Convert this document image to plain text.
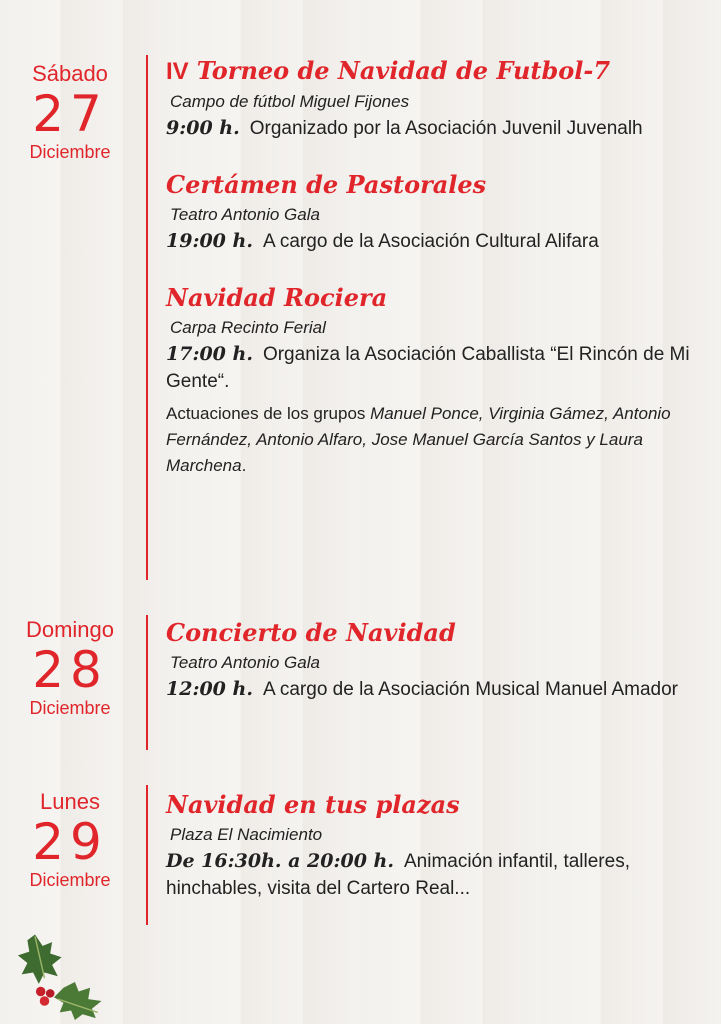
Sábado
27
Diciembre

IV Torneo de Navidad de Futbol-7

Campo de fútbol Miguel Fijones

9:00 h. Organizado por la Asociación Juvenil Juvenalh

Certámen de Pastorales

Teatro Antonio Gala

19:00 h. A cargo de la Asociación Cultural Alifara

Navidad Rociera

Carpa Recinto Ferial

17:00 h. Organiza la Asociación Caballista “El Rincón de Mi Gente“.

Actuaciones de los grupos Manuel Ponce, Virginia Gámez, Antonio Fernández, Antonio Alfaro, Jose Manuel García Santos y Laura Marchena.

Domingo
28
Diciembre

Concierto de Navidad

Teatro Antonio Gala

12:00 h. A cargo de la Asociación Musical Manuel Amador

Lunes
29
Diciembre

Navidad en tus plazas

Plaza El Nacimiento

De 16:30h. a 20:00 h. Animación infantil, talleres, hinchables, visita del Cartero Real...
